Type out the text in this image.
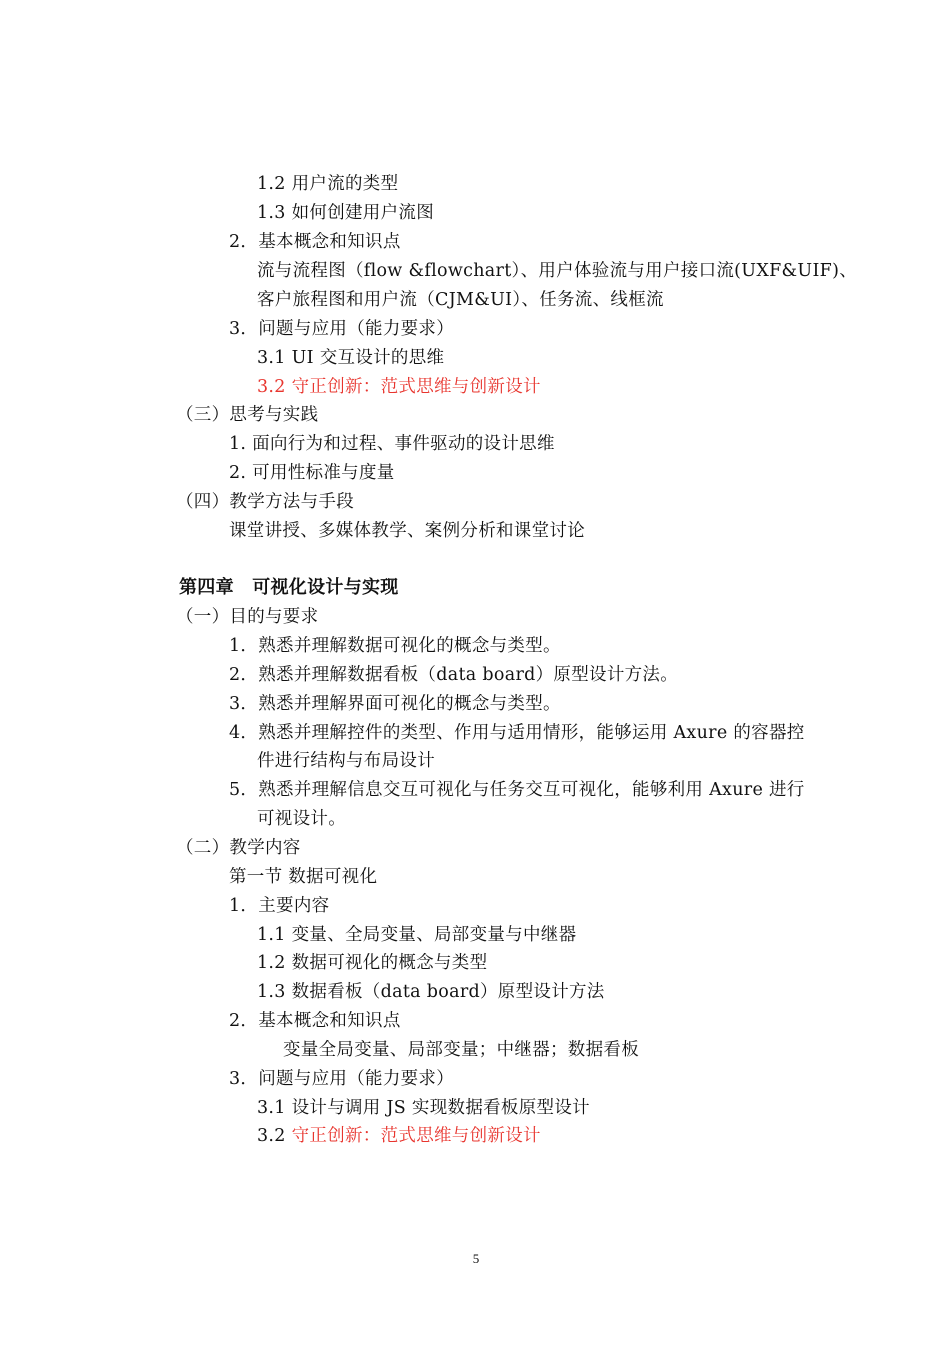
1.2 用户流的类型
1.3 如何创建用户流图
2．基本概念和知识点
流与流程图（flow &flowchart）、用户体验流与用户接口流(UXF&UIF)、
客户旅程图和用户流（CJM&UI）、任务流、线框流
3．问题与应用（能力要求）
3.1 UI 交互设计的思维
3.2 守正创新：范式思维与创新设计
（三）思考与实践
1. 面向行为和过程、事件驱动的设计思维
2. 可用性标准与度量
（四）教学方法与手段
课堂讲授、多媒体教学、案例分析和课堂讨论
第四章　可视化设计与实现
（一）目的与要求
1．熟悉并理解数据可视化的概念与类型。
2．熟悉并理解数据看板（data board）原型设计方法。
3．熟悉并理解界面可视化的概念与类型。
4．熟悉并理解控件的类型、作用与适用情形，能够运用 Axure 的容器控
件进行结构与布局设计
5．熟悉并理解信息交互可视化与任务交互可视化，能够利用 Axure 进行
可视设计。
（二）教学内容
第一节 数据可视化
1．主要内容
1.1 变量、全局变量、局部变量与中继器
1.2 数据可视化的概念与类型
1.3 数据看板（data board）原型设计方法
2．基本概念和知识点
变量全局变量、局部变量；中继器；数据看板
3．问题与应用（能力要求）
3.1 设计与调用 JS 实现数据看板原型设计
3.2 守正创新：范式思维与创新设计
5
